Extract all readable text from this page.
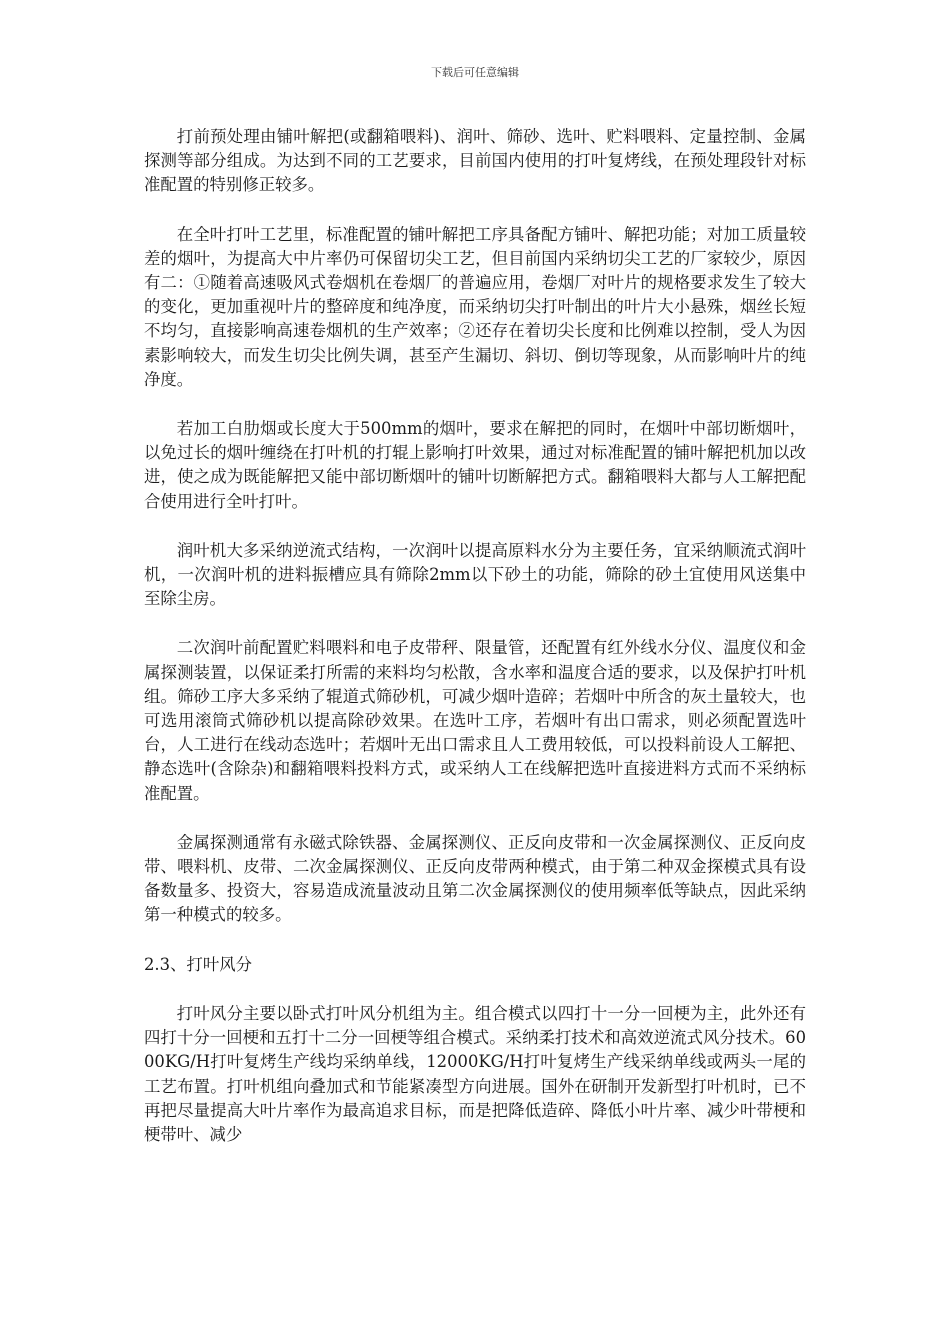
下载后可任意编辑

打前预处理由铺叶解把(或翻箱喂料)、润叶、筛砂、选叶、贮料喂料、定量控制、金属探测等部分组成。为达到不同的工艺要求，目前国内使用的打叶复烤线，在预处理段针对标准配置的特别修正较多。

在全叶打叶工艺里，标准配置的铺叶解把工序具备配方铺叶、解把功能；对加工质量较差的烟叶，为提高大中片率仍可保留切尖工艺，但目前国内采纳切尖工艺的厂家较少，原因有二：①随着高速吸风式卷烟机在卷烟厂的普遍应用，卷烟厂对叶片的规格要求发生了较大的变化，更加重视叶片的整碎度和纯净度，而采纳切尖打叶制出的叶片大小悬殊，烟丝长短不均匀，直接影响高速卷烟机的生产效率；②还存在着切尖长度和比例难以控制，受人为因素影响较大，而发生切尖比例失调，甚至产生漏切、斜切、倒切等现象，从而影响叶片的纯净度。

若加工白肋烟或长度大于500mm的烟叶，要求在解把的同时，在烟叶中部切断烟叶，以免过长的烟叶缠绕在打叶机的打辊上影响打叶效果，通过对标准配置的铺叶解把机加以改进，使之成为既能解把又能中部切断烟叶的铺叶切断解把方式。翻箱喂料大都与人工解把配合使用进行全叶打叶。

润叶机大多采纳逆流式结构，一次润叶以提高原料水分为主要任务，宜采纳顺流式润叶机，一次润叶机的进料振槽应具有筛除2mm以下砂土的功能，筛除的砂土宜使用风送集中至除尘房。

二次润叶前配置贮料喂料和电子皮带秤、限量管，还配置有红外线水分仪、温度仪和金属探测装置，以保证柔打所需的来料均匀松散，含水率和温度合适的要求，以及保护打叶机组。筛砂工序大多采纳了辊道式筛砂机，可减少烟叶造碎；若烟叶中所含的灰土量较大，也可选用滚筒式筛砂机以提高除砂效果。在选叶工序，若烟叶有出口需求，则必须配置选叶台，人工进行在线动态选叶；若烟叶无出口需求且人工费用较低，可以投料前设人工解把、静态选叶(含除杂)和翻箱喂料投料方式，或采纳人工在线解把选叶直接进料方式而不采纳标准配置。

金属探测通常有永磁式除铁器、金属探测仪、正反向皮带和一次金属探测仪、正反向皮带、喂料机、皮带、二次金属探测仪、正反向皮带两种模式，由于第二种双金探模式具有设备数量多、投资大，容易造成流量波动且第二次金属探测仪的使用频率低等缺点，因此采纳第一种模式的较多。

2.3、打叶风分

打叶风分主要以卧式打叶风分机组为主。组合模式以四打十一分一回梗为主，此外还有四打十分一回梗和五打十二分一回梗等组合模式。采纳柔打技术和高效逆流式风分技术。6000KG/H打叶复烤生产线均采纳单线，12000KG/H打叶复烤生产线采纳单线或两头一尾的工艺布置。打叶机组向叠加式和节能紧凑型方向进展。国外在研制开发新型打叶机时，已不再把尽量提高大叶片率作为最高追求目标，而是把降低造碎、降低小叶片率、减少叶带梗和梗带叶、减少
